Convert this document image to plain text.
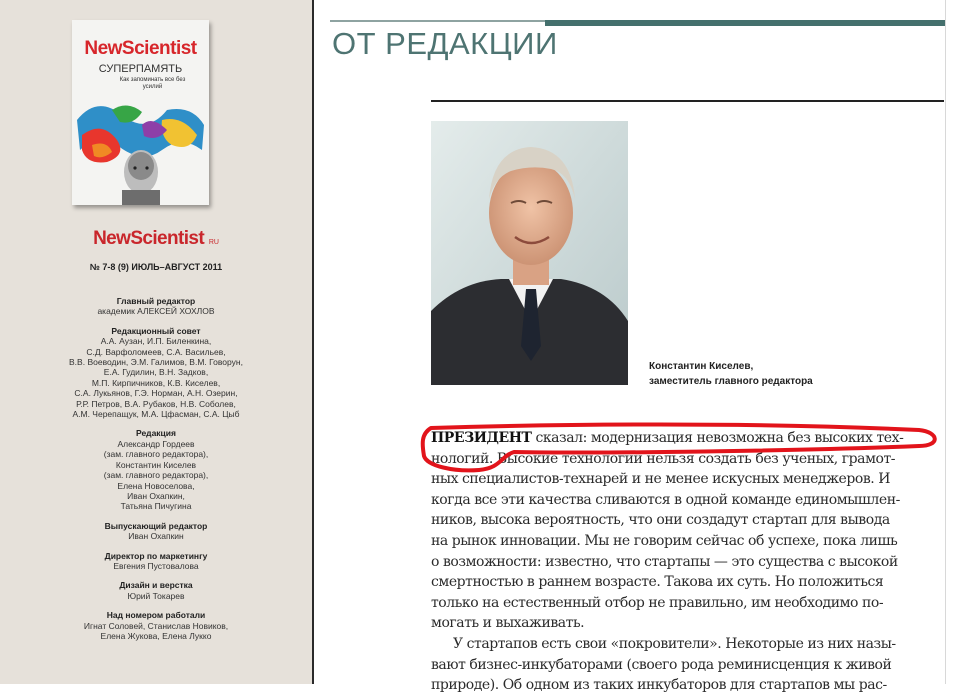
NewScientist
СУПЕРПАМЯТЬ
Как запоминать все без усилий
NewScientist RU
№ 7-8 (9) ИЮЛЬ–АВГУСТ 2011
Главный редактор
академик АЛЕКСЕЙ ХОХЛОВ
Редакционный совет
А.А. Аузан, И.П. Биленкина,
С.Д. Варфоломеев, С.А. Васильев,
В.В. Воеводин, Э.М. Галимов, В.М. Говорун,
Е.А. Гудилин, В.Н. Задков,
М.П. Кирпичников, К.В. Киселев,
С.А. Лукьянов, Г.Э. Норман, А.Н. Озерин,
Р.Р. Петров, В.А. Рубаков, Н.В. Соболев,
А.М. Черепащук, М.А. Цфасман, С.А. Цыб
Редакция
Александр Гордеев
(зам. главного редактора),
Константин Киселев
(зам. главного редактора),
Елена Новоселова,
Иван Охапкин,
Татьяна Пичугина
Выпускающий редактор
Иван Охапкин
Директор по маркетингу
Евгения Пустовалова
Дизайн и верстка
Юрий Токарев
Над номером работали
Игнат Соловей, Станислав Новиков,
Елена Жукова, Елена Лукко
ОТ РЕДАКЦИИ
Константин Киселев,
заместитель главного редактора
ПРЕЗИДЕНТ сказал: модернизация невозможна без высоких тех-
нологий. Высокие технологии нельзя создать без ученых, грамот-
ных специалистов-технарей и не менее искусных менеджеров. И
когда все эти качества сливаются в одной команде единомышлен-
ников, высока вероятность, что они создадут стартап для вывода
на рынок инновации. Мы не говорим сейчас об успехе, пока лишь
о возможности: известно, что стартапы — это существа с высокой
смертностью в раннем возрасте. Такова их суть. Но положиться
только на естественный отбор не правильно, им необходимо по-
могать и выхаживать.
У стартапов есть свои «покровители». Некоторые из них назы-
вают бизнес-инкубаторами (своего рода реминисценция к живой
природе). Об одном из таких инкубаторов для стартапов мы рас-
